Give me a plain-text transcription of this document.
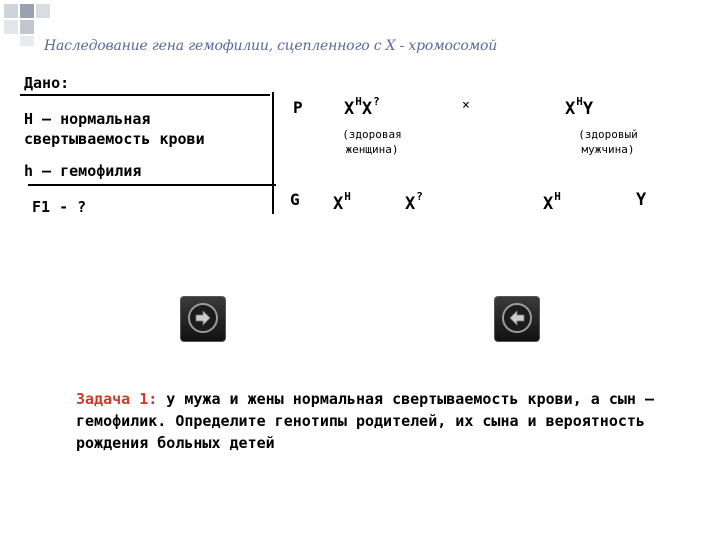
Наследование гена гемофилии, сцепленного с Х - хромосомой
Дано:
Н – нормальная
свертываемость крови
h – гемофилия
F1 - ?
Р $X^HX^?$	×	$X^HY$
(здоровая
женщина)
(здоровый
мужчина)
G $X^H$	X?	$X^H$	Y
Задача 1: у мужа и жены нормальная свертываемость крови, а сын – гемофилик. Определите генотипы родителей, их сына и вероятность рождения больных детей
